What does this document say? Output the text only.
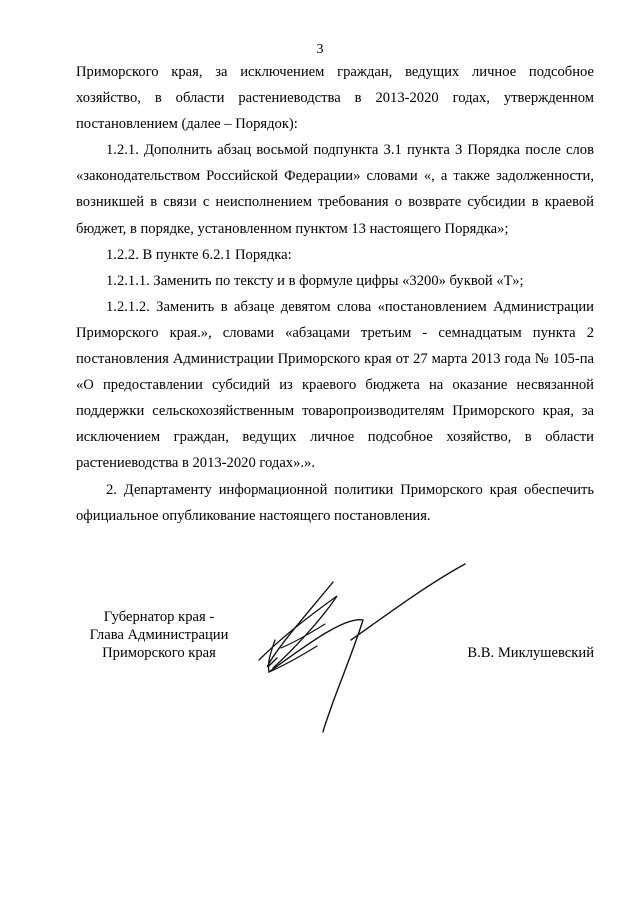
3

Приморского края, за исключением граждан, ведущих личное подсобное хозяйство, в области растениеводства в 2013-2020 годах, утвержденном постановлением (далее – Порядок):

1.2.1. Дополнить абзац восьмой подпункта 3.1 пункта 3 Порядка после слов «законодательством Российской Федерации» словами «, а также задолженности, возникшей в связи с неисполнением требования о возврате субсидии в краевой бюджет, в порядке, установленном пунктом 13 настоящего Порядка»;

1.2.2. В пункте 6.2.1 Порядка:

1.2.1.1. Заменить по тексту и в формуле цифры «3200» буквой «Т»;

1.2.1.2. Заменить в абзаце девятом слова «постановлением Администрации Приморского края.», словами «абзацами третьим - семнадцатым пункта 2 постановления Администрации Приморского края от 27 марта 2013 года № 105-па «О предоставлении субсидий из краевого бюджета на оказание несвязанной поддержки сельскохозяйственным товаропроизводителям Приморского края, за исключением граждан, ведущих личное подсобное хозяйство, в области растениеводства в 2013-2020 годах».».

2. Департаменту информационной политики Приморского края обеспечить официальное опубликование настоящего постановления.

Губернатор края -
Глава Администрации
Приморского края	В.В. Миклушевский
